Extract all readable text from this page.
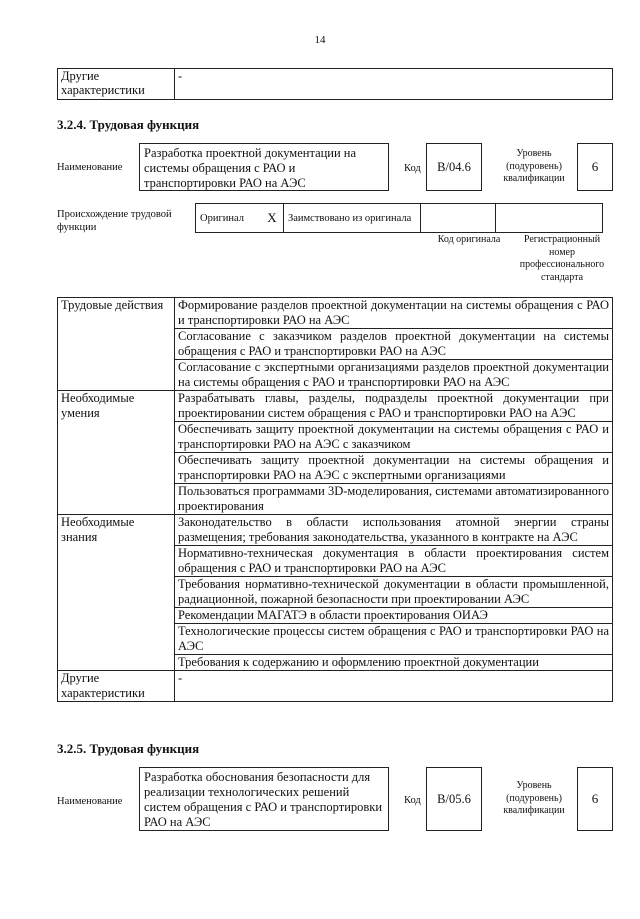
14
Другие характеристики	-
3.2.4. Трудовая функция
Наименование
Разработка проектной документации на системы обращения с РАО и транспортировки РАО на АЭС
Код	В/04.6
Уровень (подуровень) квалификации
6
Происхождение трудовой функции
Оригинал	X	Заимствовано из оригинала		
Код оригинала	Регистрационный номер профессионального стандарта
Трудовые действия	Формирование разделов проектной документации на системы обращения с РАО и транспортировки РАО на АЭС
	Согласование с заказчиком разделов проектной документации на системы обращения с РАО и транспортировки РАО на АЭС
	Согласование с экспертными организациями разделов проектной документации на системы обращения с РАО и транспортировки РАО на АЭС
Необходимые умения	Разрабатывать главы, разделы, подразделы проектной документации при проектировании систем обращения с РАО и транспортировки РАО на АЭС
	Обеспечивать защиту проектной документации на системы обращения с РАО и транспортировки РАО на АЭС с заказчиком
	Обеспечивать защиту проектной документации на системы обращения и транспортировки РАО на АЭС с экспертными организациями
	Пользоваться программами 3D-моделирования, системами автоматизированного проектирования
Необходимые знания	Законодательство в области использования атомной энергии страны размещения; требования законодательства, указанного в контракте на АЭС
	Нормативно-техническая документация в области проектирования систем обращения с РАО и транспортировки РАО на АЭС
	Требования нормативно-технической документации в области промышленной, радиационной, пожарной безопасности при проектировании АЭС
	Рекомендации МАГАТЭ в области проектирования ОИАЭ
	Технологические процессы систем обращения с РАО и транспортировки РАО на АЭС
	Требования к содержанию и оформлению проектной документации
Другие характеристики	-
3.2.5. Трудовая функция
Наименование
Разработка обоснования безопасности для реализации технологических решений систем обращения с РАО и транспортировки РАО на АЭС
Код	В/05.6
Уровень (подуровень) квалификации
6
